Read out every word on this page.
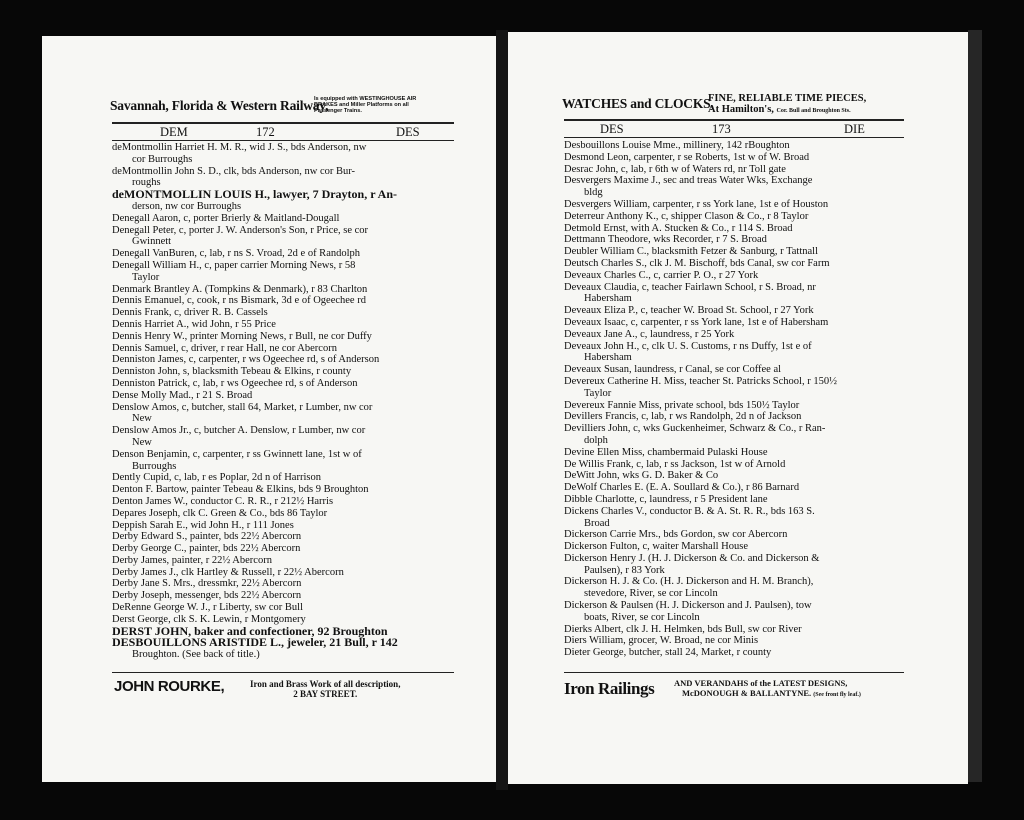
Savannah, Florida & Western Railway,
Is equipped with WESTINGHOUSE AIR
BRAKES and Miller Platforms on all
Passenger Trains.
DEM	172	DES
deMontmollin Harriet H. M. R., wid J. S., bds Anderson, nw
cor Burroughs
deMontmollin John S. D., clk, bds Anderson, nw cor Bur-
roughs
deMONTMOLLIN LOUIS H., lawyer, 7 Drayton, r An-
derson, nw cor Burroughs
Denegall Aaron, c, porter Brierly & Maitland-Dougall
Denegall Peter, c, porter J. W. Anderson's Son, r Price, se cor
Gwinnett
Denegall VanBuren, c, lab, r ns S. Vroad, 2d e of Randolph
Denegall William H., c, paper carrier Morning News, r 58
Taylor
Denmark Brantley A. (Tompkins & Denmark), r 83 Charlton
Dennis Emanuel, c, cook, r ns Bismark, 3d e of Ogeechee rd
Dennis Frank, c, driver R. B. Cassels
Dennis Harriet A., wid John, r 55 Price
Dennis Henry W., printer Morning News, r Bull, ne cor Duffy
Dennis Samuel, c, driver, r rear Hall, ne cor Abercorn
Denniston James, c, carpenter, r ws Ogeechee rd, s of Anderson
Denniston John, s, blacksmith Tebeau & Elkins, r county
Denniston Patrick, c, lab, r ws Ogeechee rd, s of Anderson
Dense Molly Mad., r 21 S. Broad
Denslow Amos, c, butcher, stall 64, Market, r Lumber, nw cor
New
Denslow Amos Jr., c, butcher A. Denslow, r Lumber, nw cor
New
Denson Benjamin, c, carpenter, r ss Gwinnett lane, 1st w of
Burroughs
Dently Cupid, c, lab, r es Poplar, 2d n of Harrison
Denton F. Bartow, painter Tebeau & Elkins, bds 9 Broughton
Denton James W., conductor C. R. R., r 212½ Harris
Depares Joseph, clk C. Green & Co., bds 86 Taylor
Deppish Sarah E., wid John H., r 111 Jones
Derby Edward S., painter, bds 22½ Abercorn
Derby George C., painter, bds 22½ Abercorn
Derby James, painter, r 22½ Abercorn
Derby James J., clk Hartley & Russell, r 22½ Abercorn
Derby Jane S. Mrs., dressmkr, 22½ Abercorn
Derby Joseph, messenger, bds 22½ Abercorn
DeRenne George W. J., r Liberty, sw cor Bull
Derst George, clk S. K. Lewin, r Montgomery
DERST JOHN, baker and confectioner, 92 Broughton
DESBOUILLONS ARISTIDE L., jeweler, 21 Bull, r 142
Broughton. (See back of title.)
JOHN ROURKE,	Iron and Brass Work of all description,
2 BAY STREET.
WATCHES and CLOCKS,
FINE, RELIABLE TIME PIECES,
At Hamilton's, Cor. Bull and Broughton Sts.
DES	173	DIE
Desbouillons Louise Mme., millinery, 142 rBoughton
Desmond Leon, carpenter, r se Roberts, 1st w of W. Broad
Desrac John, c, lab, r 6th w of Waters rd, nr Toll gate
Desvergers Maxime J., sec and treas Water Wks, Exchange
bldg
Desvergers William, carpenter, r ss York lane, 1st e of Houston
Deterreur Anthony K., c, shipper Clason & Co., r 8 Taylor
Detmold Ernst, with A. Stucken & Co., r 114 S. Broad
Dettmann Theodore, wks Recorder, r 7 S. Broad
Deubler William C., blacksmith Fetzer & Sanburg, r Tattnall
Deutsch Charles S., clk J. M. Bischoff, bds Canal, sw cor Farm
Deveaux Charles C., c, carrier P. O., r 27 York
Deveaux Claudia, c, teacher Fairlawn School, r S. Broad, nr
Habersham
Deveaux Eliza P., c, teacher W. Broad St. School, r 27 York
Deveaux Isaac, c, carpenter, r ss York lane, 1st e of Habersham
Deveaux Jane A., c, laundress, r 25 York
Deveaux John H., c, clk U. S. Customs, r ns Duffy, 1st e of
Habersham
Deveaux Susan, laundress, r Canal, se cor Coffee al
Devereux Catherine H. Miss, teacher St. Patricks School, r 150½
Taylor
Devereux Fannie Miss, private school, bds 150½ Taylor
Devillers Francis, c, lab, r ws Randolph, 2d n of Jackson
Devilliers John, c, wks Guckenheimer, Schwarz & Co., r Ran-
dolph
Devine Ellen Miss, chambermaid Pulaski House
De Willis Frank, c, lab, r ss Jackson, 1st w of Arnold
DeWitt John, wks G. D. Baker & Co
DeWolf Charles E. (E. A. Soullard & Co.), r 86 Barnard
Dibble Charlotte, c, laundress, r 5 President lane
Dickens Charles V., conductor B. & A. St. R. R., bds 163 S.
Broad
Dickerson Carrie Mrs., bds Gordon, sw cor Abercorn
Dickerson Fulton, c, waiter Marshall House
Dickerson Henry J. (H. J. Dickerson & Co. and Dickerson &
Paulsen), r 83 York
Dickerson H. J. & Co. (H. J. Dickerson and H. M. Branch),
stevedore, River, se cor Lincoln
Dickerson & Paulsen (H. J. Dickerson and J. Paulsen), tow
boats, River, se cor Lincoln
Dierks Albert, clk J. H. Helmken, bds Bull, sw cor River
Diers William, grocer, W. Broad, ne cor Minis
Dieter George, butcher, stall 24, Market, r county
Iron Railings AND VERANDAHS of the LATEST DESIGNS,
McDONOUGH & BALLANTYNE. (See front fly leaf.)
